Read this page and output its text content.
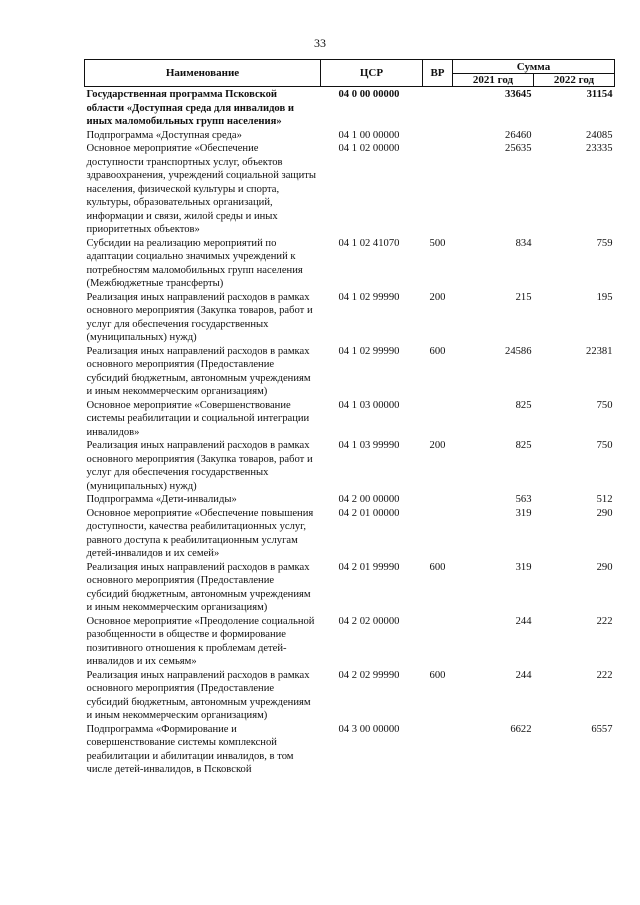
33
Наименование	ЦСР	ВР	Сумма	
			2021 год	2022 год
Государственная программа Псковской области «Доступная среда для инвалидов и иных маломобильных групп населения»	04 0 00 00000		33645	31154
Подпрограмма «Доступная среда»	04 1 00 00000		26460	24085
Основное мероприятие «Обеспечение доступности транспортных услуг, объектов здравоохранения, учреждений социальной защиты населения, физической культуры и спорта, культуры, образовательных организаций, информации и связи, жилой среды и иных приоритетных объектов»	04 1 02 00000		25635	23335
Субсидии на реализацию мероприятий по адаптации социально значимых учреждений к потребностям маломобильных групп населения (Межбюджетные трансферты)	04 1 02 41070	500	834	759
Реализация иных направлений расходов в рамках основного мероприятия (Закупка товаров, работ и услуг для обеспечения государственных (муниципальных) нужд)	04 1 02 99990	200	215	195
Реализация иных направлений расходов в рамках основного мероприятия (Предоставление субсидий бюджетным, автономным учреждениям и иным некоммерческим организациям)	04 1 02 99990	600	24586	22381
Основное мероприятие «Совершенствование системы реабилитации и социальной интеграции инвалидов»	04 1 03 00000		825	750
Реализация иных направлений расходов в рамках основного мероприятия (Закупка товаров, работ и услуг для обеспечения государственных (муниципальных) нужд)	04 1 03 99990	200	825	750
Подпрограмма «Дети-инвалиды»	04 2 00 00000		563	512
Основное мероприятие «Обеспечение повышения доступности, качества реабилитационных услуг, равного доступа к реабилитационным услугам детей-инвалидов и их семей»	04 2 01 00000		319	290
Реализация иных направлений расходов в рамках основного мероприятия (Предоставление субсидий бюджетным, автономным учреждениям и иным некоммерческим организациям)	04 2 01 99990	600	319	290
Основное мероприятие «Преодоление социальной разобщенности в обществе и формирование позитивного отношения к проблемам детей-инвалидов и их семьям»	04 2 02 00000		244	222
Реализация иных направлений расходов в рамках основного мероприятия (Предоставление субсидий бюджетным, автономным учреждениям и иным некоммерческим организациям)	04 2 02 99990	600	244	222
Подпрограмма «Формирование и совершенствование системы комплексной реабилитации и абилитации инвалидов, в том числе детей-инвалидов, в Псковской	04 3 00 00000		6622	6557
